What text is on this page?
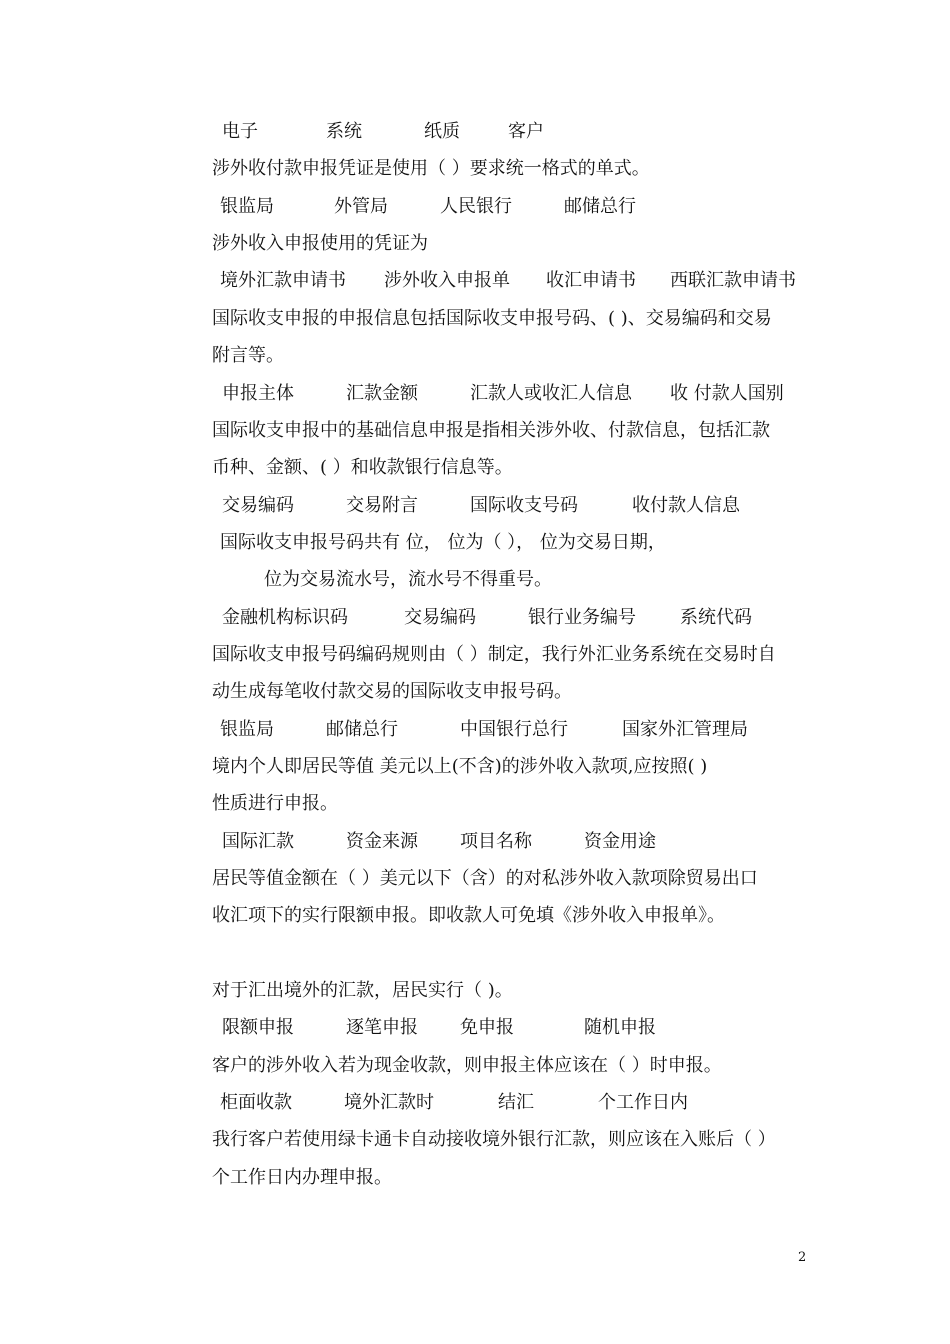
电子	系统	纸质	客户
涉外收付款申报凭证是使用（ ）要求统一格式的单式。
银监局	外管局	人民银行	邮储总行
涉外收入申报使用的凭证为
境外汇款申请书 涉外收入申报单 收汇申请书 西联汇款申请书
国际收支申报的申报信息包括国际收支申报号码、( )、交易编码和交易
附言等。
申报主体	汇款金额	汇款人或收汇人信息 收 付款人国别
国际收支申报中的基础信息申报是指相关涉外收、付款信息，包括汇款
币种、金额、( ）和收款银行信息等。
交易编码	交易附言	国际收支号码	收付款人信息
国际收支申报号码共有 位， 位为（ ）， 位为交易日期，
位为交易流水号，流水号不得重号。
金融机构标识码	交易编码	银行业务编号 系统代码
国际收支申报号码编码规则由（ ）制定，我行外汇业务系统在交易时自
动生成每笔收付款交易的国际收支申报号码。
银监局	邮储总行	中国银行总行	国家外汇管理局
境内个人即居民等值 美元以上(不含)的涉外收入款项,应按照( )
性质进行申报。
国际汇款	资金来源 项目名称	资金用途
居民等值金额在（ ）美元以下（含）的对私涉外收入款项除贸易出口
收汇项下的实行限额申报。即收款人可免填《涉外收入申报单》。
对于汇出境外的汇款，居民实行（ )。
限额申报	逐笔申报 免申报	随机申报
客户的涉外收入若为现金收款，则申报主体应该在（ ）时申报。
柜面收款	境外汇款时	结汇	个工作日内
我行客户若使用绿卡通卡自动接收境外银行汇款，则应该在入账后（ ）
个工作日内办理申报。
2
